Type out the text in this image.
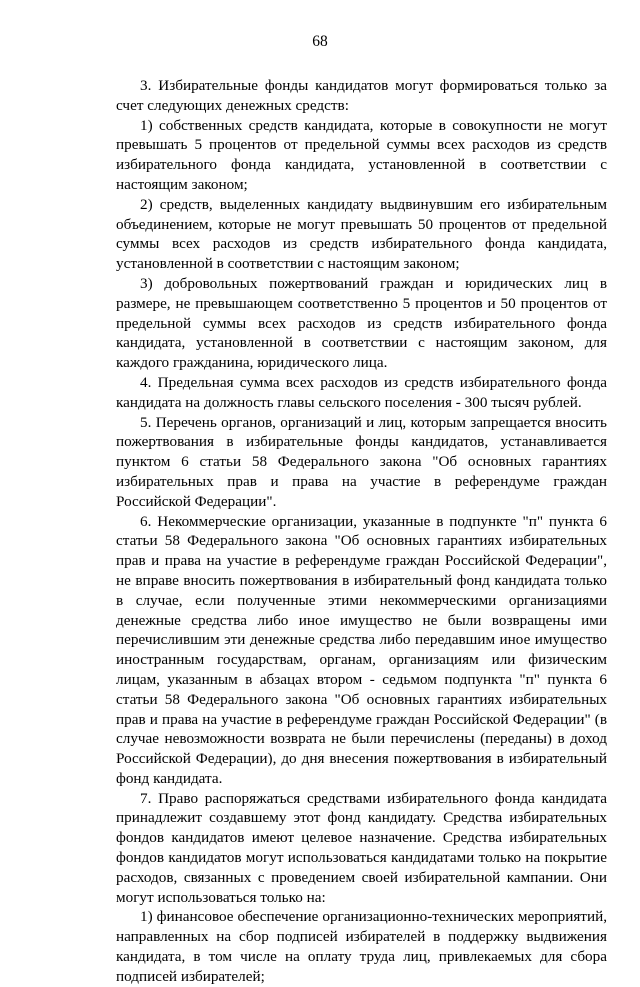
68

3. Избирательные фонды кандидатов могут формироваться только за счет следующих денежных средств:

1) собственных средств кандидата, которые в совокупности не могут превышать 5 процентов от предельной суммы всех расходов из средств избирательного фонда кандидата, установленной в соответствии с настоящим законом;

2) средств, выделенных кандидату выдвинувшим его избирательным объединением, которые не могут превышать 50 процентов от предельной суммы всех расходов из средств избирательного фонда кандидата, установленной в соответствии с настоящим законом;

3) добровольных пожертвований граждан и юридических лиц в размере, не превышающем соответственно 5 процентов и 50 процентов от предельной суммы всех расходов из средств избирательного фонда кандидата, установленной в соответствии с настоящим законом, для каждого гражданина, юридического лица.

4. Предельная сумма всех расходов из средств избирательного фонда кандидата на должность главы сельского поселения - 300 тысяч рублей.

5. Перечень органов, организаций и лиц, которым запрещается вносить пожертвования в избирательные фонды кандидатов, устанавливается пунктом 6 статьи 58 Федерального закона "Об основных гарантиях избирательных прав и права на участие в референдуме граждан Российской Федерации".

6. Некоммерческие организации, указанные в подпункте "п" пункта 6 статьи 58 Федерального закона "Об основных гарантиях избирательных прав и права на участие в референдуме граждан Российской Федерации", не вправе вносить пожертвования в избирательный фонд кандидата только в случае, если полученные этими некоммерческими организациями денежные средства либо иное имущество не были возвращены ими перечислившим эти денежные средства либо передавшим иное имущество иностранным государствам, органам, организациям или физическим лицам, указанным в абзацах втором - седьмом подпункта "п" пункта 6 статьи 58 Федерального закона "Об основных гарантиях избирательных прав и права на участие в референдуме граждан Российской Федерации" (в случае невозможности возврата не были перечислены (переданы) в доход Российской Федерации), до дня внесения пожертвования в избирательный фонд кандидата.

7. Право распоряжаться средствами избирательного фонда кандидата принадлежит создавшему этот фонд кандидату. Средства избирательных фондов кандидатов имеют целевое назначение. Средства избирательных фондов кандидатов могут использоваться кандидатами только на покрытие расходов, связанных с проведением своей избирательной кампании. Они могут использоваться только на:

1) финансовое обеспечение организационно-технических мероприятий, направленных на сбор подписей избирателей в поддержку выдвижения кандидата, в том числе на оплату труда лиц, привлекаемых для сбора подписей избирателей;
